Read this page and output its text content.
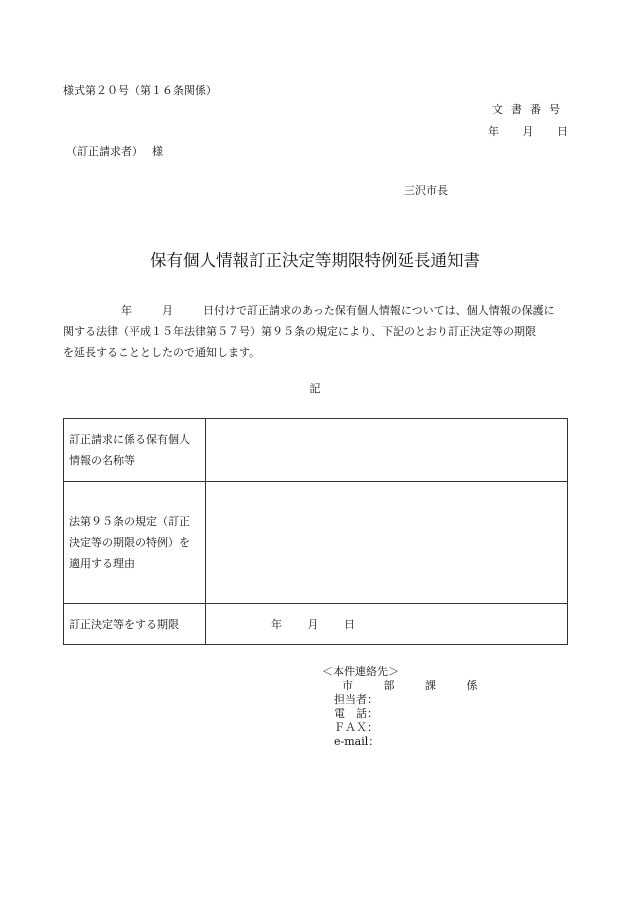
様式第２０号（第１６条関係）
文書番号
年 月 日
（訂正請求者）　 様
三沢市長
保有個人情報訂正決定等期限特例延長通知書
年	月	日付けで訂正請求のあった保有個人情報については、個人情報の保護に
関する法律（平成１５年法律第５７号）第９５条の規定により、下記のとおり訂正決定等の期限
を延長することとしたので通知します。
記
訂正請求に係る保有個人
情報の名称等	
法第９５条の規定（訂正
決定等の期限の特例）を
適用する理由	
訂正決定等をする期限	年 月 日
＜本件連絡先＞
市 部 課 係
担当者：
電　話：
ＦＡＸ：
e-mail：
